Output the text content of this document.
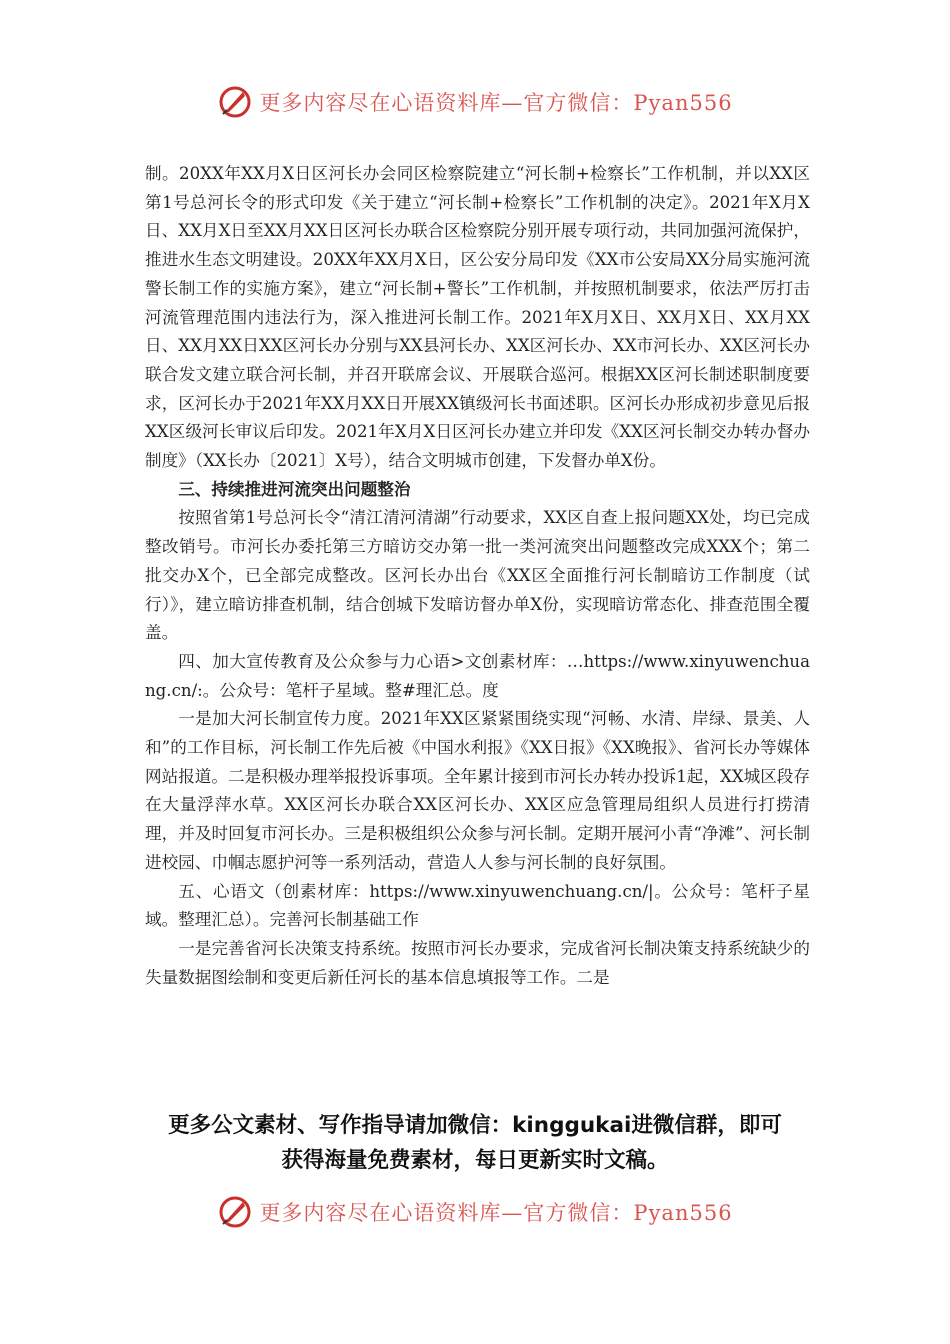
更多内容尽在心语资料库—官方微信：Pyan556

制。20XX年XX月X日区河长办会同区检察院建立“河长制+检察长”工作机制，并以XX区第1号总河长令的形式印发《关于建立“河长制+检察长”工作机制的决定》。2021年X月X日、XX月X日至XX月XX日区河长办联合区检察院分别开展专项行动，共同加强河流保护，推进水生态文明建设。20XX年XX月X日，区公安分局印发《XX市公安局XX分局实施河流警长制工作的实施方案》，建立“河长制+警长”工作机制，并按照机制要求，依法严厉打击河流管理范围内违法行为，深入推进河长制工作。2021年X月X日、XX月X日、XX月XX日、XX月XX日XX区河长办分别与XX县河长办、XX区河长办、XX市河长办、XX区河长办联合发文建立联合河长制，并召开联席会议、开展联合巡河。根据XX区河长制述职制度要求，区河长办于2021年XX月XX日开展XX镇级河长书面述职。区河长办形成初步意见后报XX区级河长审议后印发。2021年X月X日区河长办建立并印发《XX区河长制交办转办督办制度》（XX长办〔2021〕X号），结合文明城市创建，下发督办单X份。

三、持续推进河流突出问题整治

按照省第1号总河长令“清江清河清湖”行动要求，XX区自查上报问题XX处，均已完成整改销号。市河长办委托第三方暗访交办第一批一类河流突出问题整改完成XXX个；第二批交办X个，已全部完成整改。区河长办出台《XX区全面推行河长制暗访工作制度（试行）》，建立暗访排查机制，结合创城下发暗访督办单X份，实现暗访常态化、排查范围全覆盖。

四、加大宣传教育及公众参与力心语>文创素材库：…https://www.xinyuwenchuang.cn/:。公众号：笔杆子星域。整#理汇总。度

一是加大河长制宣传力度。2021年XX区紧紧围绕实现“河畅、水清、岸绿、景美、人和”的工作目标，河长制工作先后被《中国水利报》《XX日报》《XX晚报》、省河长办等媒体网站报道。二是积极办理举报投诉事项。全年累计接到市河长办转办投诉1起，XX城区段存在大量浮萍水草。XX区河长办联合XX区河长办、XX区应急管理局组织人员进行打捞清理，并及时回复市河长办。三是积极组织公众参与河长制。定期开展河小青“净滩”、河长制进校园、巾帼志愿护河等一系列活动，营造人人参与河长制的良好氛围。

五、心语文（创素材库：https://www.xinyuwenchuang.cn/|。公众号：笔杆子星域。整理汇总）。完善河长制基础工作

一是完善省河长决策支持系统。按照市河长办要求，完成省河长制决策支持系统缺少的失量数据图绘制和变更后新任河长的基本信息填报等工作。二是

更多公文素材、写作指导请加微信：kinggukai进微信群，即可
获得海量免费素材，每日更新实时文稿。
更多内容尽在心语资料库—官方微信：Pyan556
